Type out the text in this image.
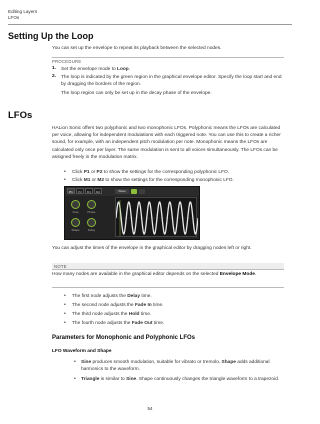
Editing Layers
LFOs
Setting Up the Loop
You can set up the envelope to repeat its playback between the selected nodes.
PROCEDURE
1.	Set the envelope mode to Loop.
2.	The loop is indicated by the green region in the graphical envelope editor. Specify the loop start and end by dragging the borders of the region.
The loop region can only be set up in the decay phase of the envelope.
LFOs
HALion Sonic offers two polyphonic and two monophonic LFOs. Polyphonic means the LFOs are calculated per voice, allowing for independent modulations with each triggered note. You can use this to create a richer sound, for example, with an independent pitch modulation per note. Monophonic means the LFOs are calculated only once per layer. The same modulation is sent to all voices simultaneously. The LFOs can be assigned freely in the modulation matrix.
•	Click P1 or P2 to show the settings for the corresponding polyphonic LFO.
•	Click M1 or M2 to show the settings for the corresponding monophonic LFO.
P1	P2	M1	M2	Wave
Freq	Phase
Shape	Delay
You can adjust the times of the envelope in the graphical editor by dragging nodes left or right.
NOTE
How many nodes are available in the graphical editor depends on the selected Envelope Mode.
•	The first node adjusts the Delay time.
•	The second node adjusts the Fade In time.
•	The third node adjusts the Hold time.
•	The fourth node adjusts the Fade Out time.
Parameters for Monophonic and Polyphonic LFOs
LFO Waveform and Shape
•	Sine produces smooth modulation, suitable for vibrato or tremolo. Shape adds additional harmonics to the waveform.
•	Triangle is similar to Sine. Shape continuously changes the triangle waveform to a trapezoid.
54
